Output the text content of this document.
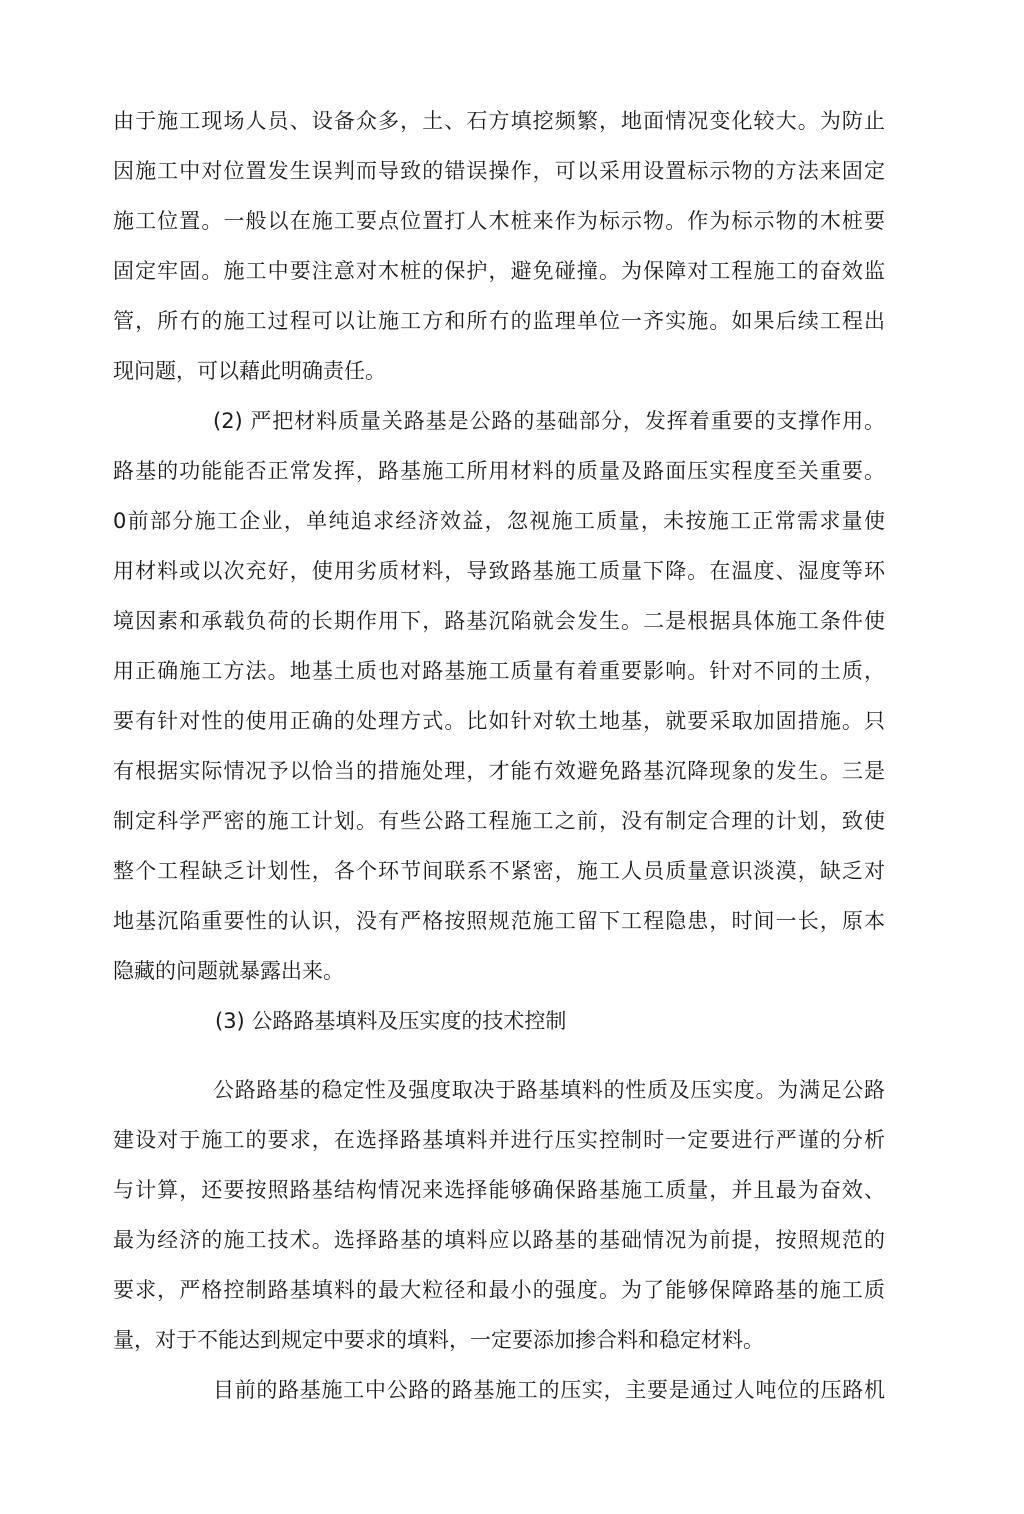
由于施工现场人员、设备众多，土、石方填挖频繁，地面情况变化较大。为防止
因施工中对位置发生误判而导致的错误操作，可以采用设置标示物的方法来固定
施工位置。一般以在施工要点位置打人木桩来作为标示物。作为标示物的木桩要
固定牢固。施工中要注意对木桩的保护，避免碰撞。为保障对工程施工的奋效监
管，所冇的施工过程可以让施工方和所冇的监理单位一齐实施。如果后续工程出
现问题，可以藉此明确责任。
(2) 严把材料质量关路基是公路的基础部分，发挥着重要的支撑作用。
路基的功能能否正常发挥，路基施工所用材料的质量及路面压实程度至关重要。
0前部分施工企业，单纯追求经济效益，忽视施工质量，未按施工正常需求量使
用材料或以次充好，使用劣质材料，导致路基施工质量下降。在温度、湿度等环
境因素和承载负荷的长期作用下，路基沉陷就会发生。二是根据具体施工条件使
用正确施工方法。地基土质也对路基施工质量有着重要影响。针对不同的土质，
要有针对性的使用正确的处理方式。比如针对软土地基，就要采取加固措施。只
有根据实际情况予以恰当的措施处理，才能冇效避免路基沉降现象的发生。三是
制定科学严密的施工计划。有些公路工程施工之前，没有制定合理的计划，致使
整个工程缺乏计划性，各个环节间联系不紧密，施工人员质量意识淡漠，缺乏对
地基沉陷重要性的认识，没有严格按照规范施工留下工程隐患，时间一长，原本
隐藏的问题就暴露出来。
(3) 公路路基填料及压实度的技术控制
公路路基的稳定性及强度取决于路基填料的性质及压实度。为满足公路
建设对于施工的要求，在选择路基填料并进行压实控制时一定要进行严谨的分析
与计算，还要按照路基结构情况来选择能够确保路基施工质量，并且最为奋效、
最为经济的施工技术。选择路基的填料应以路基的基础情况为前提，按照规范的
要求，严格控制路基填料的最大粒径和最小的强度。为了能够保障路基的施工质
量，对于不能达到规定中要求的填料，一定要添加掺合料和稳定材料。
目前的路基施工中公路的路基施工的压实，主要是通过人吨位的压路机
